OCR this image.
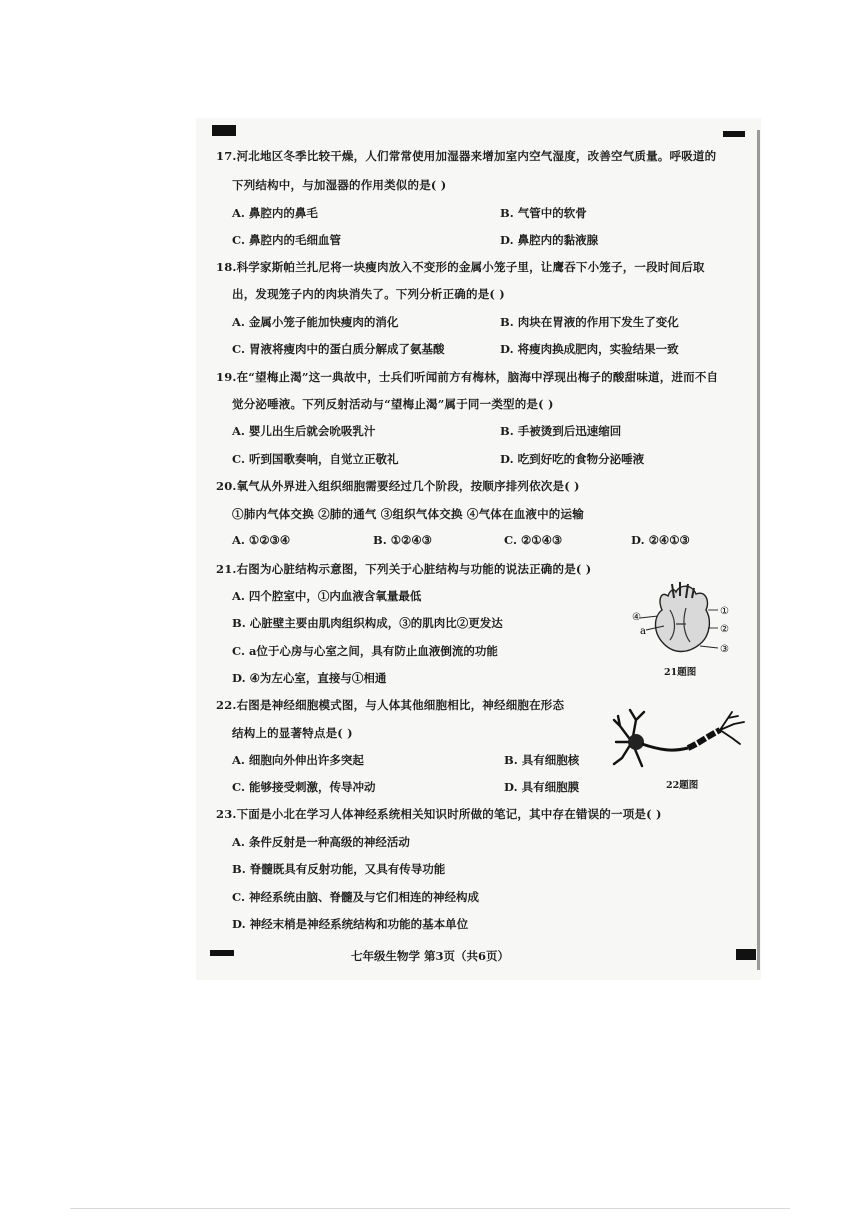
17.河北地区冬季比较干燥，人们常常使用加湿器来增加室内空气湿度，改善空气质量。呼吸道的
下列结构中，与加湿器的作用类似的是( )
A. 鼻腔内的鼻毛	B. 气管中的软骨
C. 鼻腔内的毛细血管	D. 鼻腔内的黏液腺
18.科学家斯帕兰扎尼将一块瘦肉放入不变形的金属小笼子里，让鹰吞下小笼子，一段时间后取
出，发现笼子内的肉块消失了。下列分析正确的是( )
A. 金属小笼子能加快瘦肉的消化	B. 肉块在胃液的作用下发生了变化
C. 胃液将瘦肉中的蛋白质分解成了氨基酸	D. 将瘦肉换成肥肉，实验结果一致
19.在“望梅止渴”这一典故中，士兵们听闻前方有梅林，脑海中浮现出梅子的酸甜味道，进而不自
觉分泌唾液。下列反射活动与“望梅止渴”属于同一类型的是( )
A. 婴儿出生后就会吮吸乳汁	B. 手被烫到后迅速缩回
C. 听到国歌奏响，自觉立正敬礼	D. 吃到好吃的食物分泌唾液
20.氧气从外界进入组织细胞需要经过几个阶段，按顺序排列依次是( )
①肺内气体交换 ②肺的通气 ③组织气体交换 ④气体在血液中的运输
A. ①②③④	B. ①②④③	C. ②①④③	D. ②④①③
21.右图为心脏结构示意图，下列关于心脏结构与功能的说法正确的是( )
A. 四个腔室中，①内血液含氧量最低
B. 心脏壁主要由肌肉组织构成，③的肌肉比②更发达
C. a位于心房与心室之间，具有防止血液倒流的功能
D. ④为左心室，直接与①相通
④
a
①
②
③
21题图
22.右图是神经细胞模式图，与人体其他细胞相比，神经细胞在形态
结构上的显著特点是( )
A. 细胞向外伸出许多突起	B. 具有细胞核
C. 能够接受刺激，传导冲动	D. 具有细胞膜	22题图
23.下面是小北在学习人体神经系统相关知识时所做的笔记，其中存在错误的一项是( )
A. 条件反射是一种高级的神经活动
B. 脊髓既具有反射功能，又具有传导功能
C. 神经系统由脑、脊髓及与它们相连的神经构成
D. 神经末梢是神经系统结构和功能的基本单位
七年级生物学 第3页（共6页）
